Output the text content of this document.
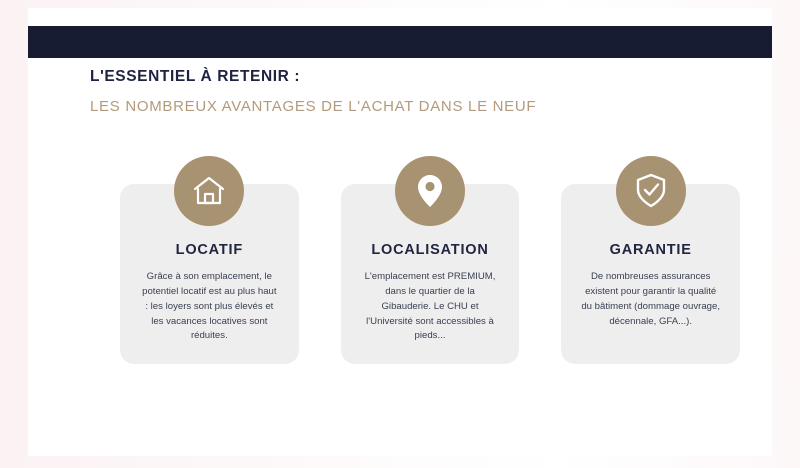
L'ESSENTIEL À RETENIR :

LES NOMBREUX AVANTAGES DE L'ACHAT DANS LE NEUF

LOCATIF

Grâce à son emplacement, le potentiel locatif est au plus haut : les loyers sont plus élevés et les vacances locatives sont réduites.

LOCALISATION

L'emplacement est PREMIUM, dans le quartier de la Gibauderie. Le CHU et l'Université sont accessibles à pieds...

GARANTIE

De nombreuses assurances existent pour garantir la qualité du bâtiment (dommage ouvrage, décennale, GFA...).
